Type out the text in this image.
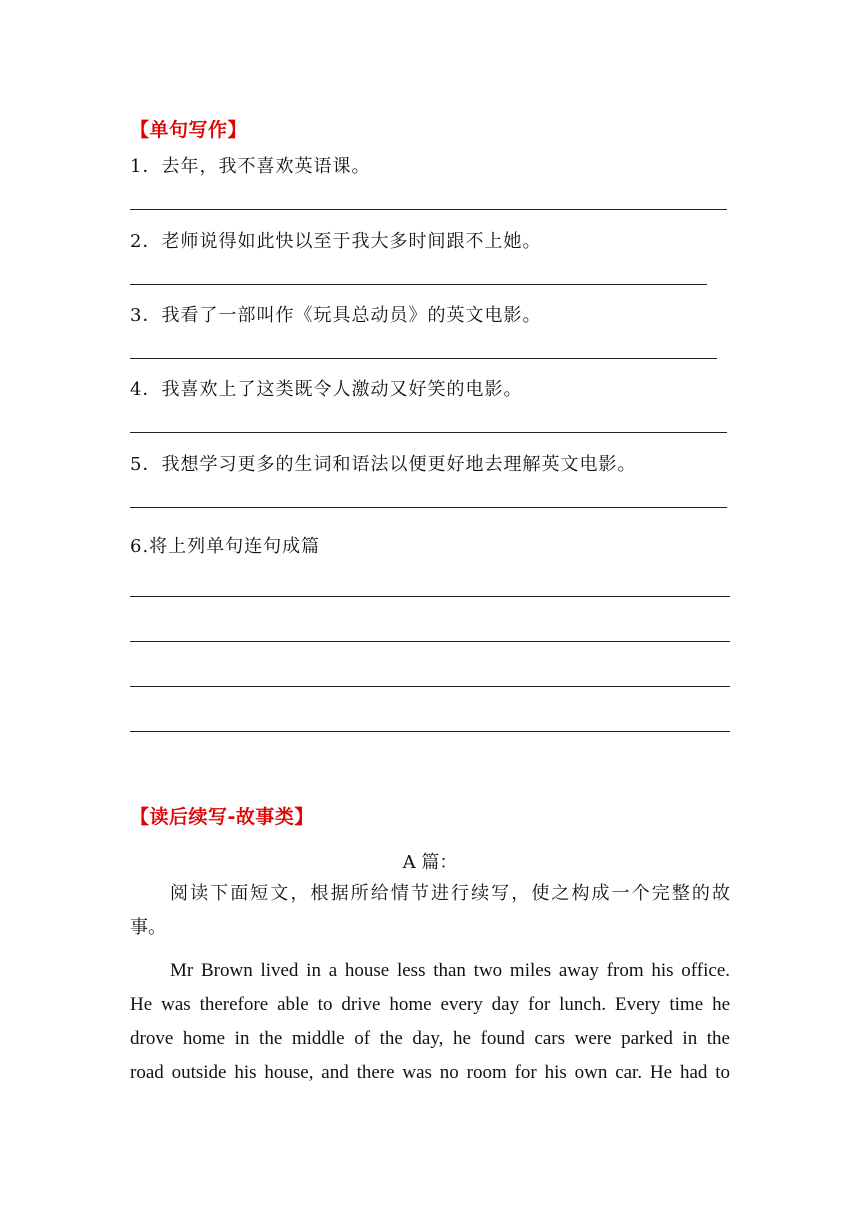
【单句写作】
1．去年，我不喜欢英语课。
2．老师说得如此快以至于我大多时间跟不上她。
3．我看了一部叫作《玩具总动员》的英文电影。
4．我喜欢上了这类既令人激动又好笑的电影。
5．我想学习更多的生词和语法以便更好地去理解英文电影。
6.将上列单句连句成篇
【读后续写-故事类】
A 篇：
阅读下面短文，根据所给情节进行续写，使之构成一个完整的故
事。
Mr Brown lived in a house less than two miles away from his office.
He was therefore able to drive home every day for lunch. Every time he
drove home in the middle of the day, he found cars were parked in the
road outside his house, and there was no room for his own car. He had to
